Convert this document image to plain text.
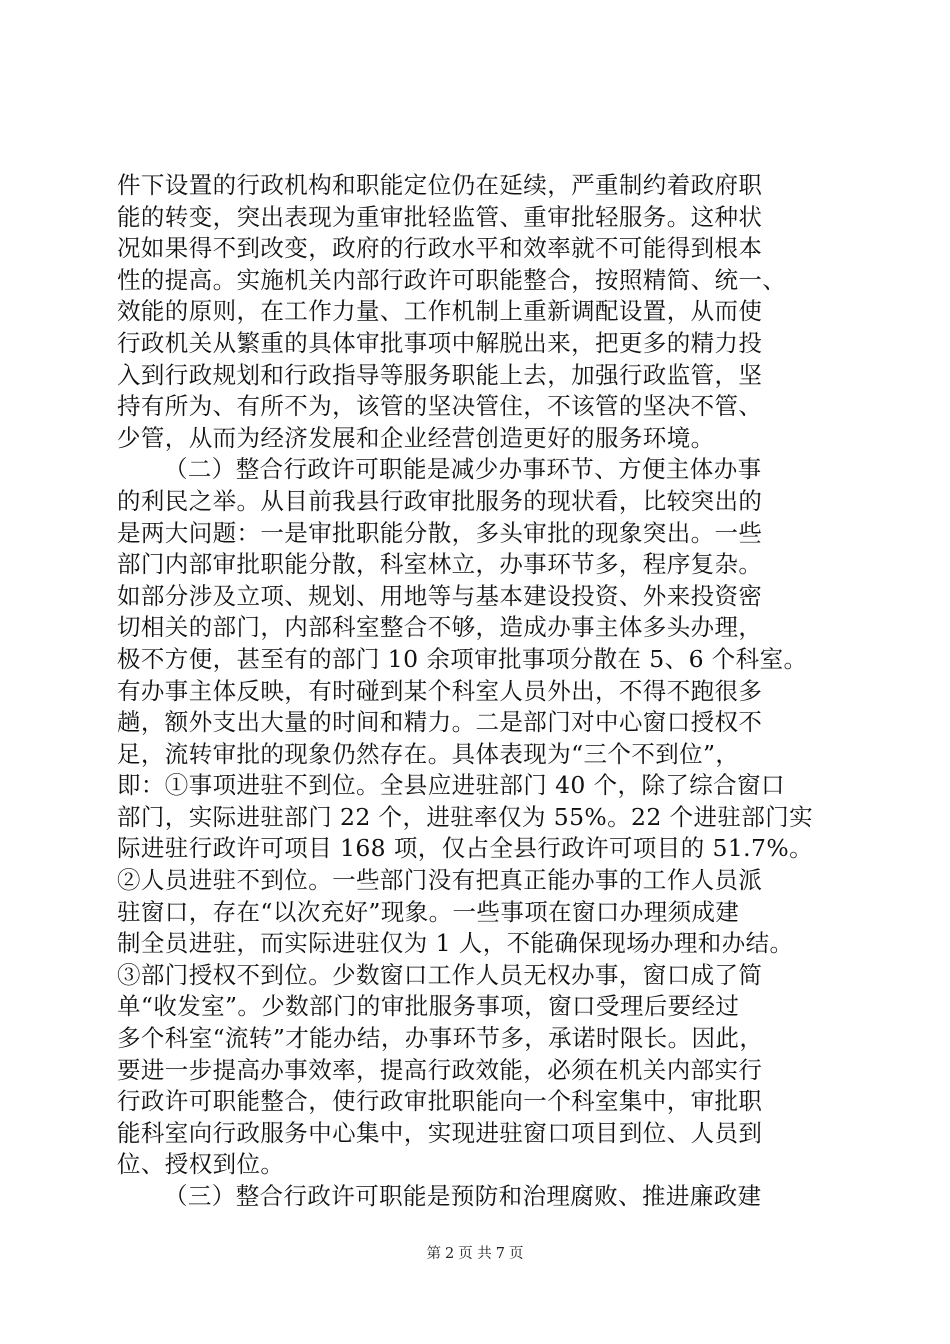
件下设置的行政机构和职能定位仍在延续，严重制约着政府职
能的转变，突出表现为重审批轻监管、重审批轻服务。这种状
况如果得不到改变，政府的行政水平和效率就不可能得到根本
性的提高。实施机关内部行政许可职能整合，按照精简、统一、
效能的原则，在工作力量、工作机制上重新调配设置，从而使
行政机关从繁重的具体审批事项中解脱出来，把更多的精力投
入到行政规划和行政指导等服务职能上去，加强行政监管，坚
持有所为、有所不为，该管的坚决管住，不该管的坚决不管、
少管，从而为经济发展和企业经营创造更好的服务环境。
（二）整合行政许可职能是减少办事环节、方便主体办事
的利民之举。从目前我县行政审批服务的现状看，比较突出的
是两大问题：一是审批职能分散，多头审批的现象突出。一些
部门内部审批职能分散，科室林立，办事环节多，程序复杂。
如部分涉及立项、规划、用地等与基本建设投资、外来投资密
切相关的部门，内部科室整合不够，造成办事主体多头办理，
极不方便，甚至有的部门 10 余项审批事项分散在 5、6 个科室。
有办事主体反映，有时碰到某个科室人员外出，不得不跑很多
趟，额外支出大量的时间和精力。二是部门对中心窗口授权不
足，流转审批的现象仍然存在。具体表现为“三个不到位”，
即：①事项进驻不到位。全县应进驻部门 40 个，除了综合窗口
部门，实际进驻部门 22 个，进驻率仅为 55%。22 个进驻部门实
际进驻行政许可项目 168 项，仅占全县行政许可项目的 51.7%。
②人员进驻不到位。一些部门没有把真正能办事的工作人员派
驻窗口，存在“以次充好”现象。一些事项在窗口办理须成建
制全员进驻，而实际进驻仅为 1 人，不能确保现场办理和办结。
③部门授权不到位。少数窗口工作人员无权办事，窗口成了简
单“收发室”。少数部门的审批服务事项，窗口受理后要经过
多个科室“流转”才能办结，办事环节多，承诺时限长。因此，
要进一步提高办事效率，提高行政效能，必须在机关内部实行
行政许可职能整合，使行政审批职能向一个科室集中，审批职
能科室向行政服务中心集中，实现进驻窗口项目到位、人员到
位、授权到位。
（三）整合行政许可职能是预防和治理腐败、推进廉政建
第 2 页 共 7 页
